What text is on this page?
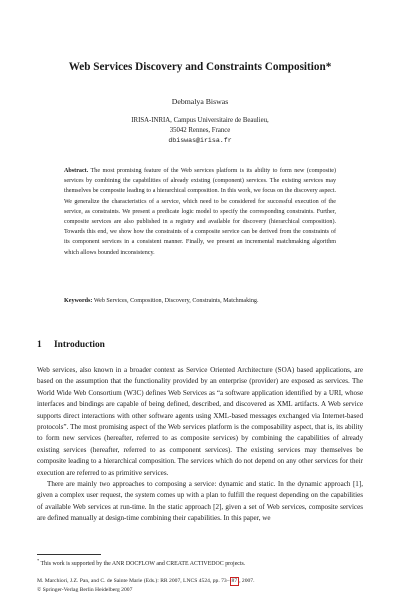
Web Services Discovery and Constraints Composition*
Debmalya Biswas
IRISA-INRIA, Campus Universitaire de Beaulieu,
35042 Rennes, France
dbiswas@irisa.fr
Abstract. The most promising feature of the Web services platform is its ability to form new (composite) services by combining the capabilities of already existing (component) services. The existing services may themselves be composite leading to a hierarchical composition. In this work, we focus on the discovery aspect. We generalize the characteristics of a service, which need to be considered for successful execution of the service, as constraints. We present a predicate logic model to specify the corresponding constraints. Further, composite services are also published in a registry and available for discovery (hierarchical composition). Towards this end, we show how the constraints of a composite service can be derived from the constraints of its component services in a consistent manner. Finally, we present an incremental matchmaking algorithm which allows bounded inconsistency.
Keywords: Web Services, Composition, Discovery, Constraints, Matchmaking.
1 Introduction

Web services, also known in a broader context as Service Oriented Architecture (SOA) based applications, are based on the assumption that the functionality provided by an enterprise (provider) are exposed as services. The World Wide Web Consortium (W3C) defines Web Services as “a software application identified by a URI, whose interfaces and bindings are capable of being defined, described, and discovered as XML artifacts. A Web service supports direct interactions with other software agents using XML-based messages exchanged via Internet-based protocols”. The most promising aspect of the Web services platform is the composability aspect, that is, its ability to form new services (hereafter, referred to as composite services) by combining the capabilities of already existing services (hereafter, referred to as component services). The existing services may themselves be composite leading to a hierarchical composition. The services which do not depend on any other services for their execution are referred to as primitive services.

There are mainly two approaches to composing a service: dynamic and static. In the dynamic approach [1], given a complex user request, the system comes up with a plan to fulfill the request depending on the capabilities of available Web services at run-time. In the static approach [2], given a set of Web services, composite services are defined manually at design-time combining their capabilities. In this paper, we

* This work is supported by the ANR DOCFLOW and CREATE ACTIVEDOC projects.
M. Marchiori, J.Z. Pan, and C. de Sainte Marie (Eds.): RR 2007, LNCS 4524, pp. 73– 87 , 2007.
© Springer-Verlag Berlin Heidelberg 2007
